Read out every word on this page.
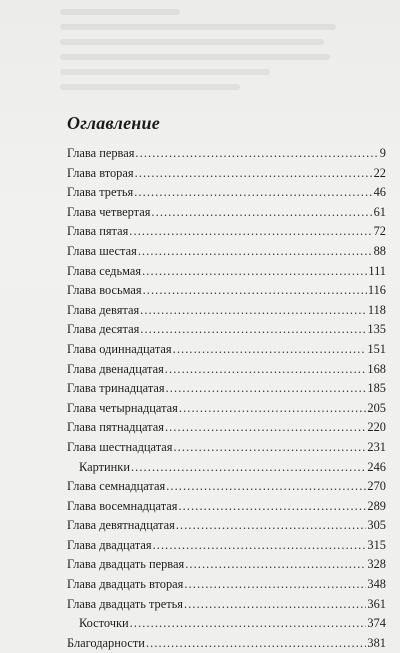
Оглавление
Глава первая . . .	9
Глава вторая . . .	22
Глава третья . . .	46
Глава четвертая . . .	61
Глава пятая . . .	72
Глава шестая . . .	88
Глава седьмая . . .	111
Глава восьмая . . .	116
Глава девятая . . .	118
Глава десятая . . .	135
Глава одиннадцатая . . .	151
Глава двенадцатая . . .	168
Глава тринадцатая . . .	185
Глава четырнадцатая . . .	205
Глава пятнадцатая . . .	220
Глава шестнадцатая . . .	231
Картинки . . .	246
Глава семнадцатая . . .	270
Глава восемнадцатая . . .	289
Глава девятнадцатая . . .	305
Глава двадцатая . . .	315
Глава двадцать первая . . .	328
Глава двадцать вторая . . .	348
Глава двадцать третья . . .	361
Косточки . . .	374
Благодарности . . .	381
